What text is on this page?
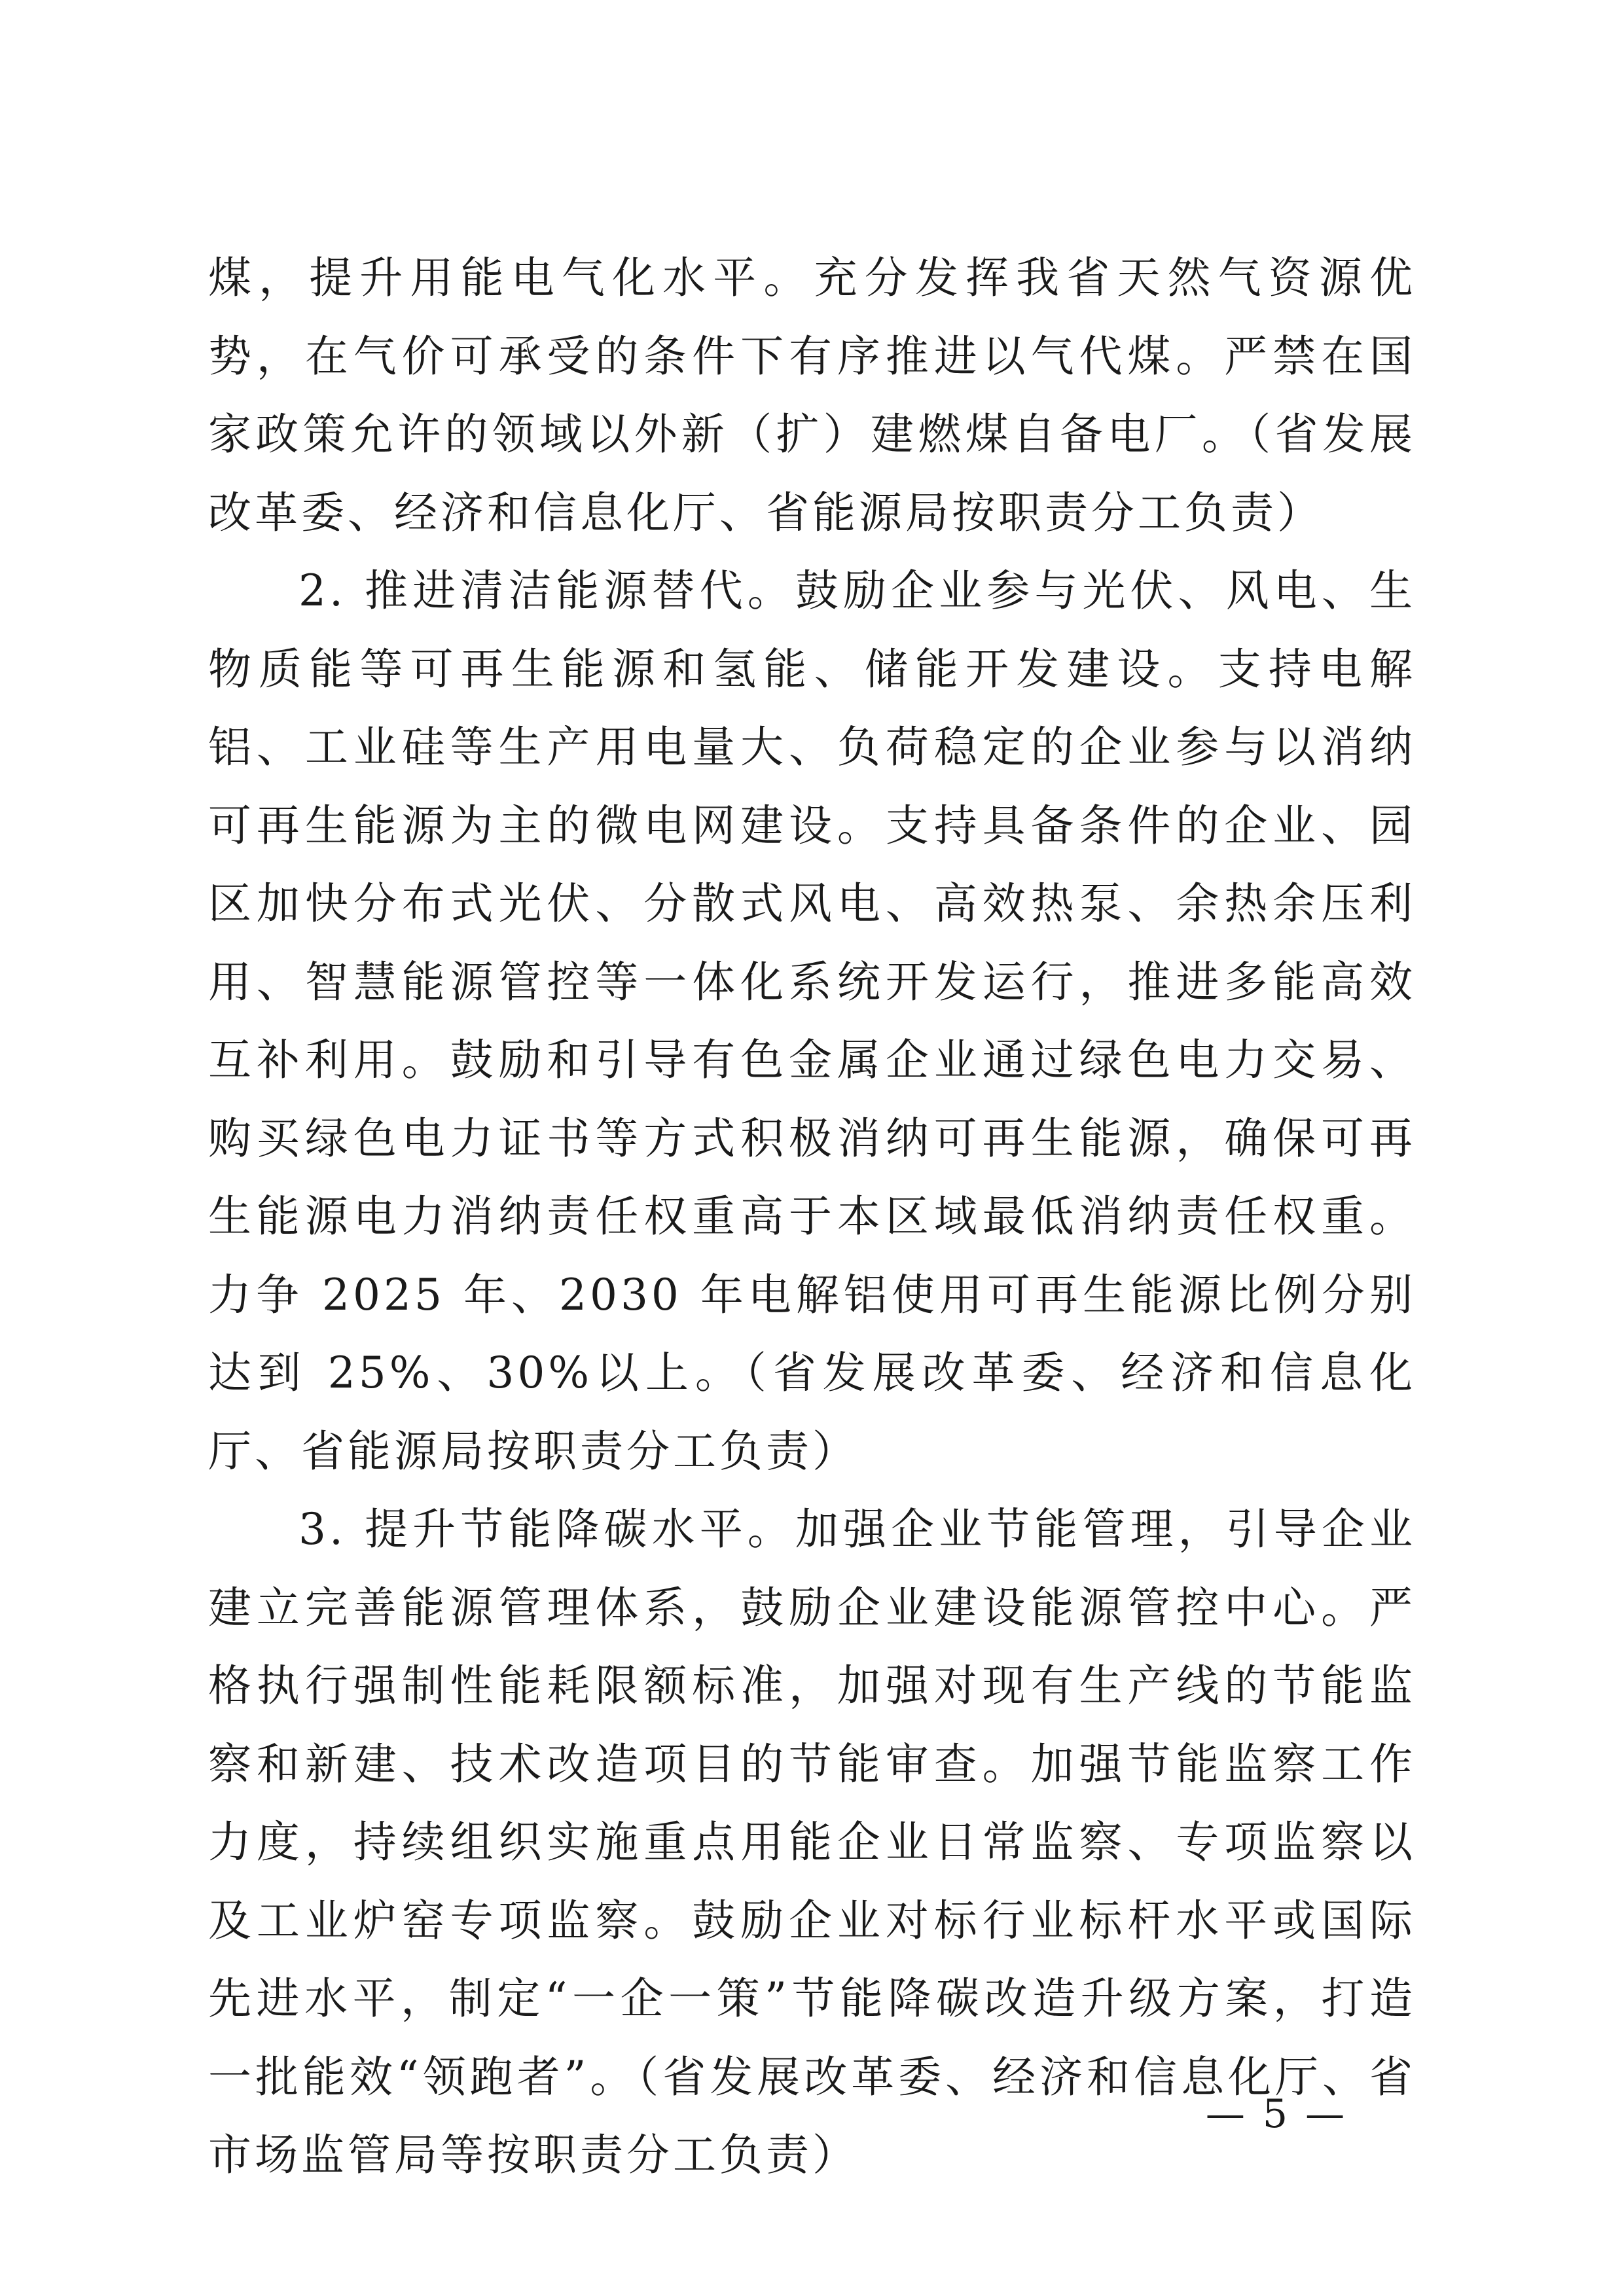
煤，提升用能电气化水平。充分发挥我省天然气资源优势，在气价可承受的条件下有序推进以气代煤。严禁在国家政策允许的领域以外新（扩）建燃煤自备电厂。（省发展改革委、经济和信息化厅、省能源局按职责分工负责）

2. 推进清洁能源替代。鼓励企业参与光伏、风电、生物质能等可再生能源和氢能、储能开发建设。支持电解铝、工业硅等生产用电量大、负荷稳定的企业参与以消纳可再生能源为主的微电网建设。支持具备条件的企业、园区加快分布式光伏、分散式风电、高效热泵、余热余压利用、智慧能源管控等一体化系统开发运行，推进多能高效互补利用。鼓励和引导有色金属企业通过绿色电力交易、购买绿色电力证书等方式积极消纳可再生能源，确保可再生能源电力消纳责任权重高于本区域最低消纳责任权重。力争 2025 年、2030 年电解铝使用可再生能源比例分别达到 25%、30%以上。（省发展改革委、经济和信息化厅、省能源局按职责分工负责）

3. 提升节能降碳水平。加强企业节能管理，引导企业建立完善能源管理体系，鼓励企业建设能源管控中心。严格执行强制性能耗限额标准，加强对现有生产线的节能监察和新建、技术改造项目的节能审查。加强节能监察工作力度，持续组织实施重点用能企业日常监察、专项监察以及工业炉窑专项监察。鼓励企业对标行业标杆水平或国际先进水平，制定“一企一策”节能降碳改造升级方案，打造一批能效“领跑者”。（省发展改革委、经济和信息化厅、省市场监管局等按职责分工负责）

— 5 —
